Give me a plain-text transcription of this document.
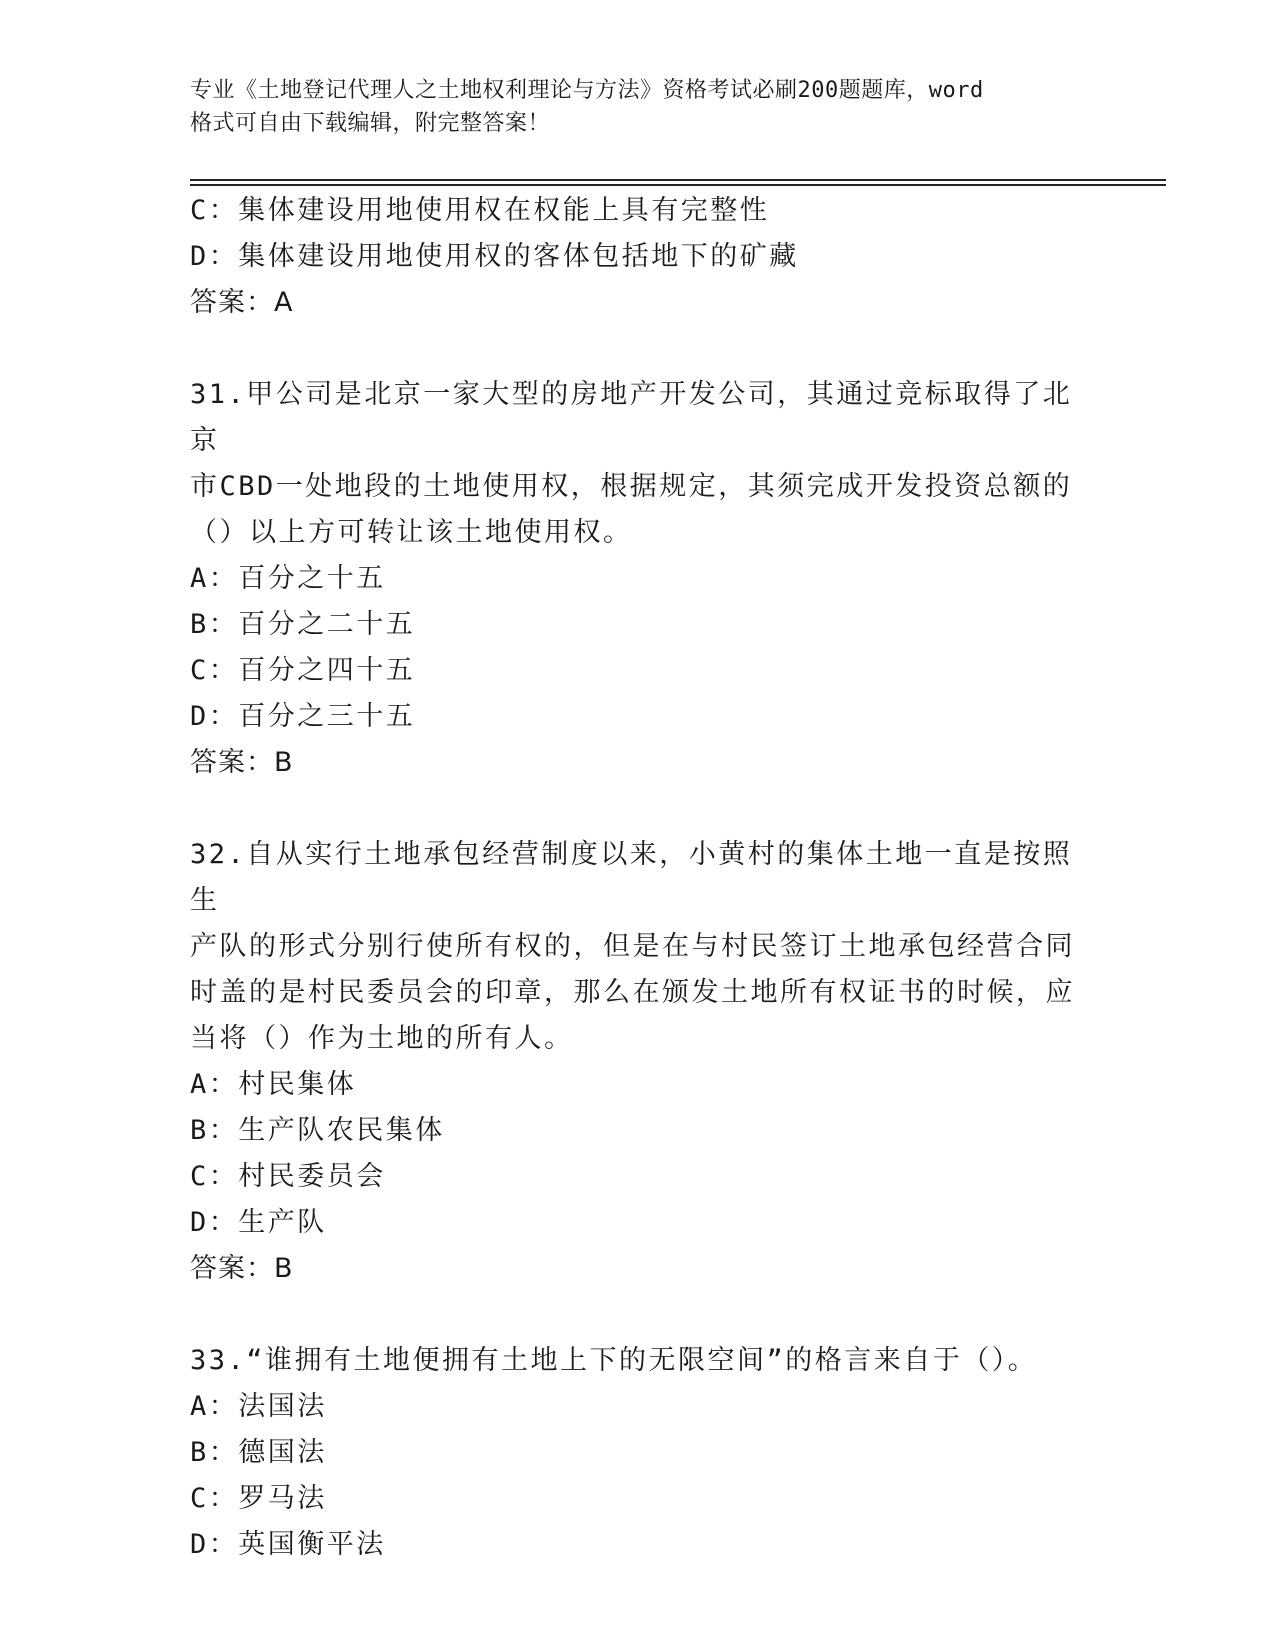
专业《土地登记代理人之土地权利理论与方法》资格考试必刷200题题库，word
格式可自由下载编辑，附完整答案！
C：集体建设用地使用权在权能上具有完整性
D：集体建设用地使用权的客体包括地下的矿藏
答案：A
31.甲公司是北京一家大型的房地产开发公司，其通过竞标取得了北京
市CBD一处地段的土地使用权，根据规定，其须完成开发投资总额的
（）以上方可转让该土地使用权。
A：百分之十五
B：百分之二十五
C：百分之四十五
D：百分之三十五
答案：B
32.自从实行土地承包经营制度以来，小黄村的集体土地一直是按照生
产队的形式分别行使所有权的，但是在与村民签订土地承包经营合同
时盖的是村民委员会的印章，那么在颁发土地所有权证书的时候，应
当将（）作为土地的所有人。
A：村民集体
B：生产队农民集体
C：村民委员会
D：生产队
答案：B
33.“谁拥有土地便拥有土地上下的无限空间”的格言来自于（）。
A：法国法
B：德国法
C：罗马法
D：英国衡平法
